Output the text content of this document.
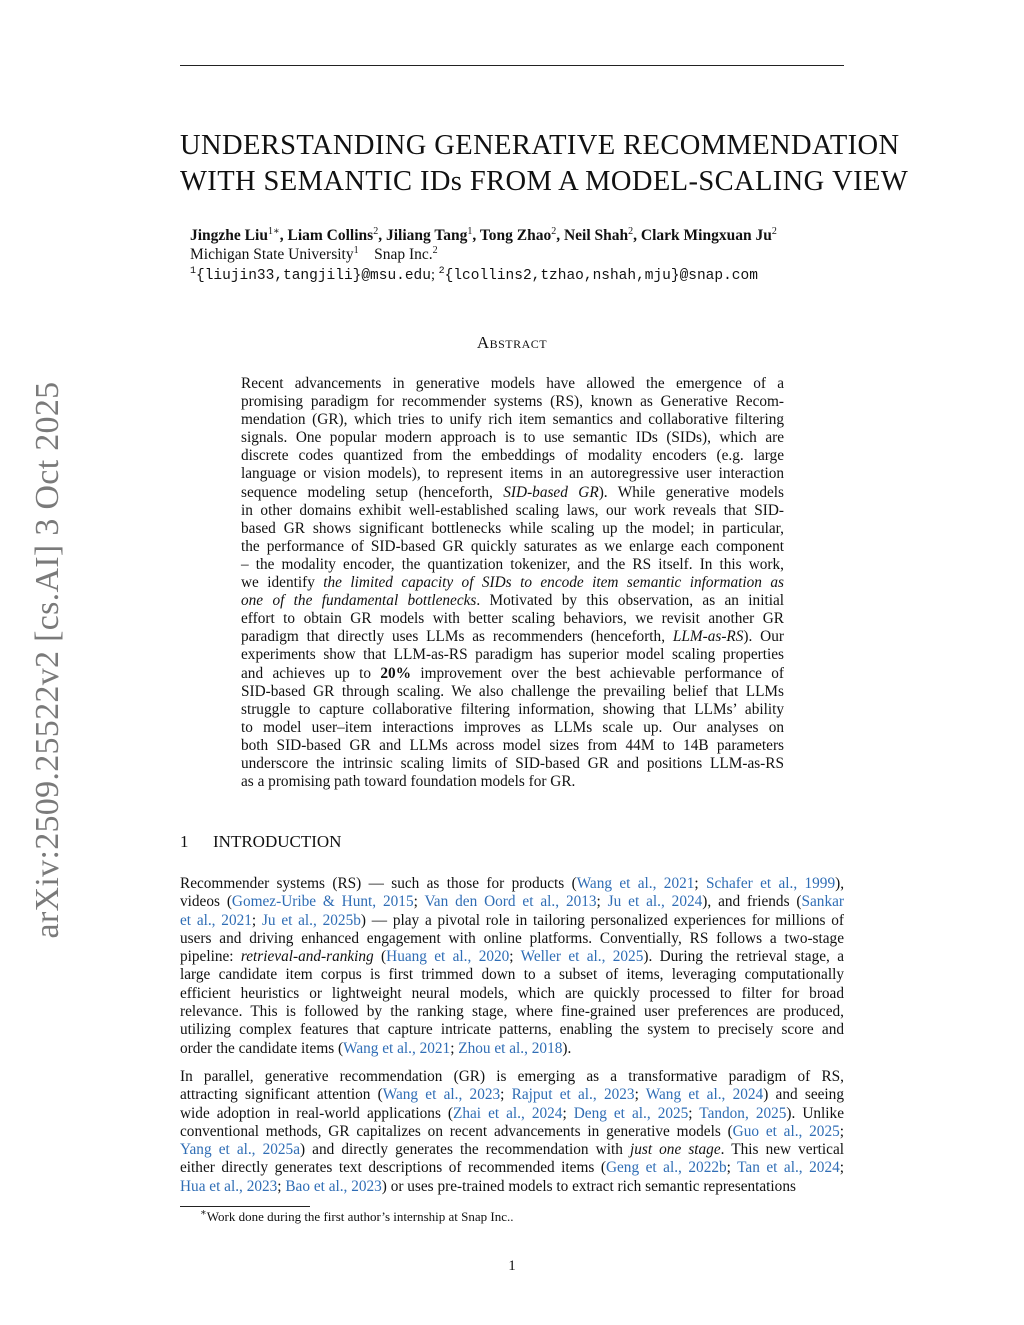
arXiv:2509.25522v2 [cs.AI] 3 Oct 2025
UNDERSTANDING GENERATIVE RECOMMENDATION
WITH SEMANTIC IDs FROM A MODEL-SCALING VIEW
Jingzhe Liu$^{1∗}$, Liam Collins$^2$, Jiliang Tang$^1$, Tong Zhao$^2$, Neil Shah$^2$, Clark Mingxuan Ju$^2$
Michigan State University$^1$ Snap Inc.$^2$
$^1${liujin33,tangjili}@msu.edu; $^2${lcollins2,tzhao,nshah,mju}@snap.com
Abstract
Recent advancements in generative models have allowed the emergence of a
promising paradigm for recommender systems (RS), known as Generative Recom-
mendation (GR), which tries to unify rich item semantics and collaborative filtering
signals. One popular modern approach is to use semantic IDs (SIDs), which are
discrete codes quantized from the embeddings of modality encoders (e.g. large
language or vision models), to represent items in an autoregressive user interaction
sequence modeling setup (henceforth, SID-based GR). While generative models
in other domains exhibit well-established scaling laws, our work reveals that SID-
based GR shows significant bottlenecks while scaling up the model; in particular,
the performance of SID-based GR quickly saturates as we enlarge each component
– the modality encoder, the quantization tokenizer, and the RS itself. In this work,
we identify the limited capacity of SIDs to encode item semantic information as
one of the fundamental bottlenecks. Motivated by this observation, as an initial
effort to obtain GR models with better scaling behaviors, we revisit another GR
paradigm that directly uses LLMs as recommenders (henceforth, LLM-as-RS). Our
experiments show that LLM-as-RS paradigm has superior model scaling properties
and achieves up to 20% improvement over the best achievable performance of
SID-based GR through scaling. We also challenge the prevailing belief that LLMs
struggle to capture collaborative filtering information, showing that LLMs’ ability
to model user–item interactions improves as LLMs scale up. Our analyses on
both SID-based GR and LLMs across model sizes from 44M to 14B parameters
underscore the intrinsic scaling limits of SID-based GR and positions LLM-as-RS
as a promising path toward foundation models for GR.
1 INTRODUCTION
Recommender systems (RS) — such as those for products (Wang et al., 2021; Schafer et al., 1999),
videos (Gomez-Uribe & Hunt, 2015; Van den Oord et al., 2013; Ju et al., 2024), and friends (Sankar
et al., 2021; Ju et al., 2025b) — play a pivotal role in tailoring personalized experiences for millions of
users and driving enhanced engagement with online platforms. Conventially, RS follows a two-stage
pipeline: retrieval-and-ranking (Huang et al., 2020; Weller et al., 2025). During the retrieval stage, a
large candidate item corpus is first trimmed down to a subset of items, leveraging computationally
efficient heuristics or lightweight neural models, which are quickly processed to filter for broad
relevance. This is followed by the ranking stage, where fine-grained user preferences are produced,
utilizing complex features that capture intricate patterns, enabling the system to precisely score and
order the candidate items (Wang et al., 2021; Zhou et al., 2018).
In parallel, generative recommendation (GR) is emerging as a transformative paradigm of RS,
attracting significant attention (Wang et al., 2023; Rajput et al., 2023; Wang et al., 2024) and seeing
wide adoption in real-world applications (Zhai et al., 2024; Deng et al., 2025; Tandon, 2025). Unlike
conventional methods, GR capitalizes on recent advancements in generative models (Guo et al., 2025;
Yang et al., 2025a) and directly generates the recommendation with just one stage. This new vertical
either directly generates text descriptions of recommended items (Geng et al., 2022b; Tan et al., 2024;
Hua et al., 2023; Bao et al., 2023) or uses pre-trained models to extract rich semantic representations
∗Work done during the first author’s internship at Snap Inc..
1
